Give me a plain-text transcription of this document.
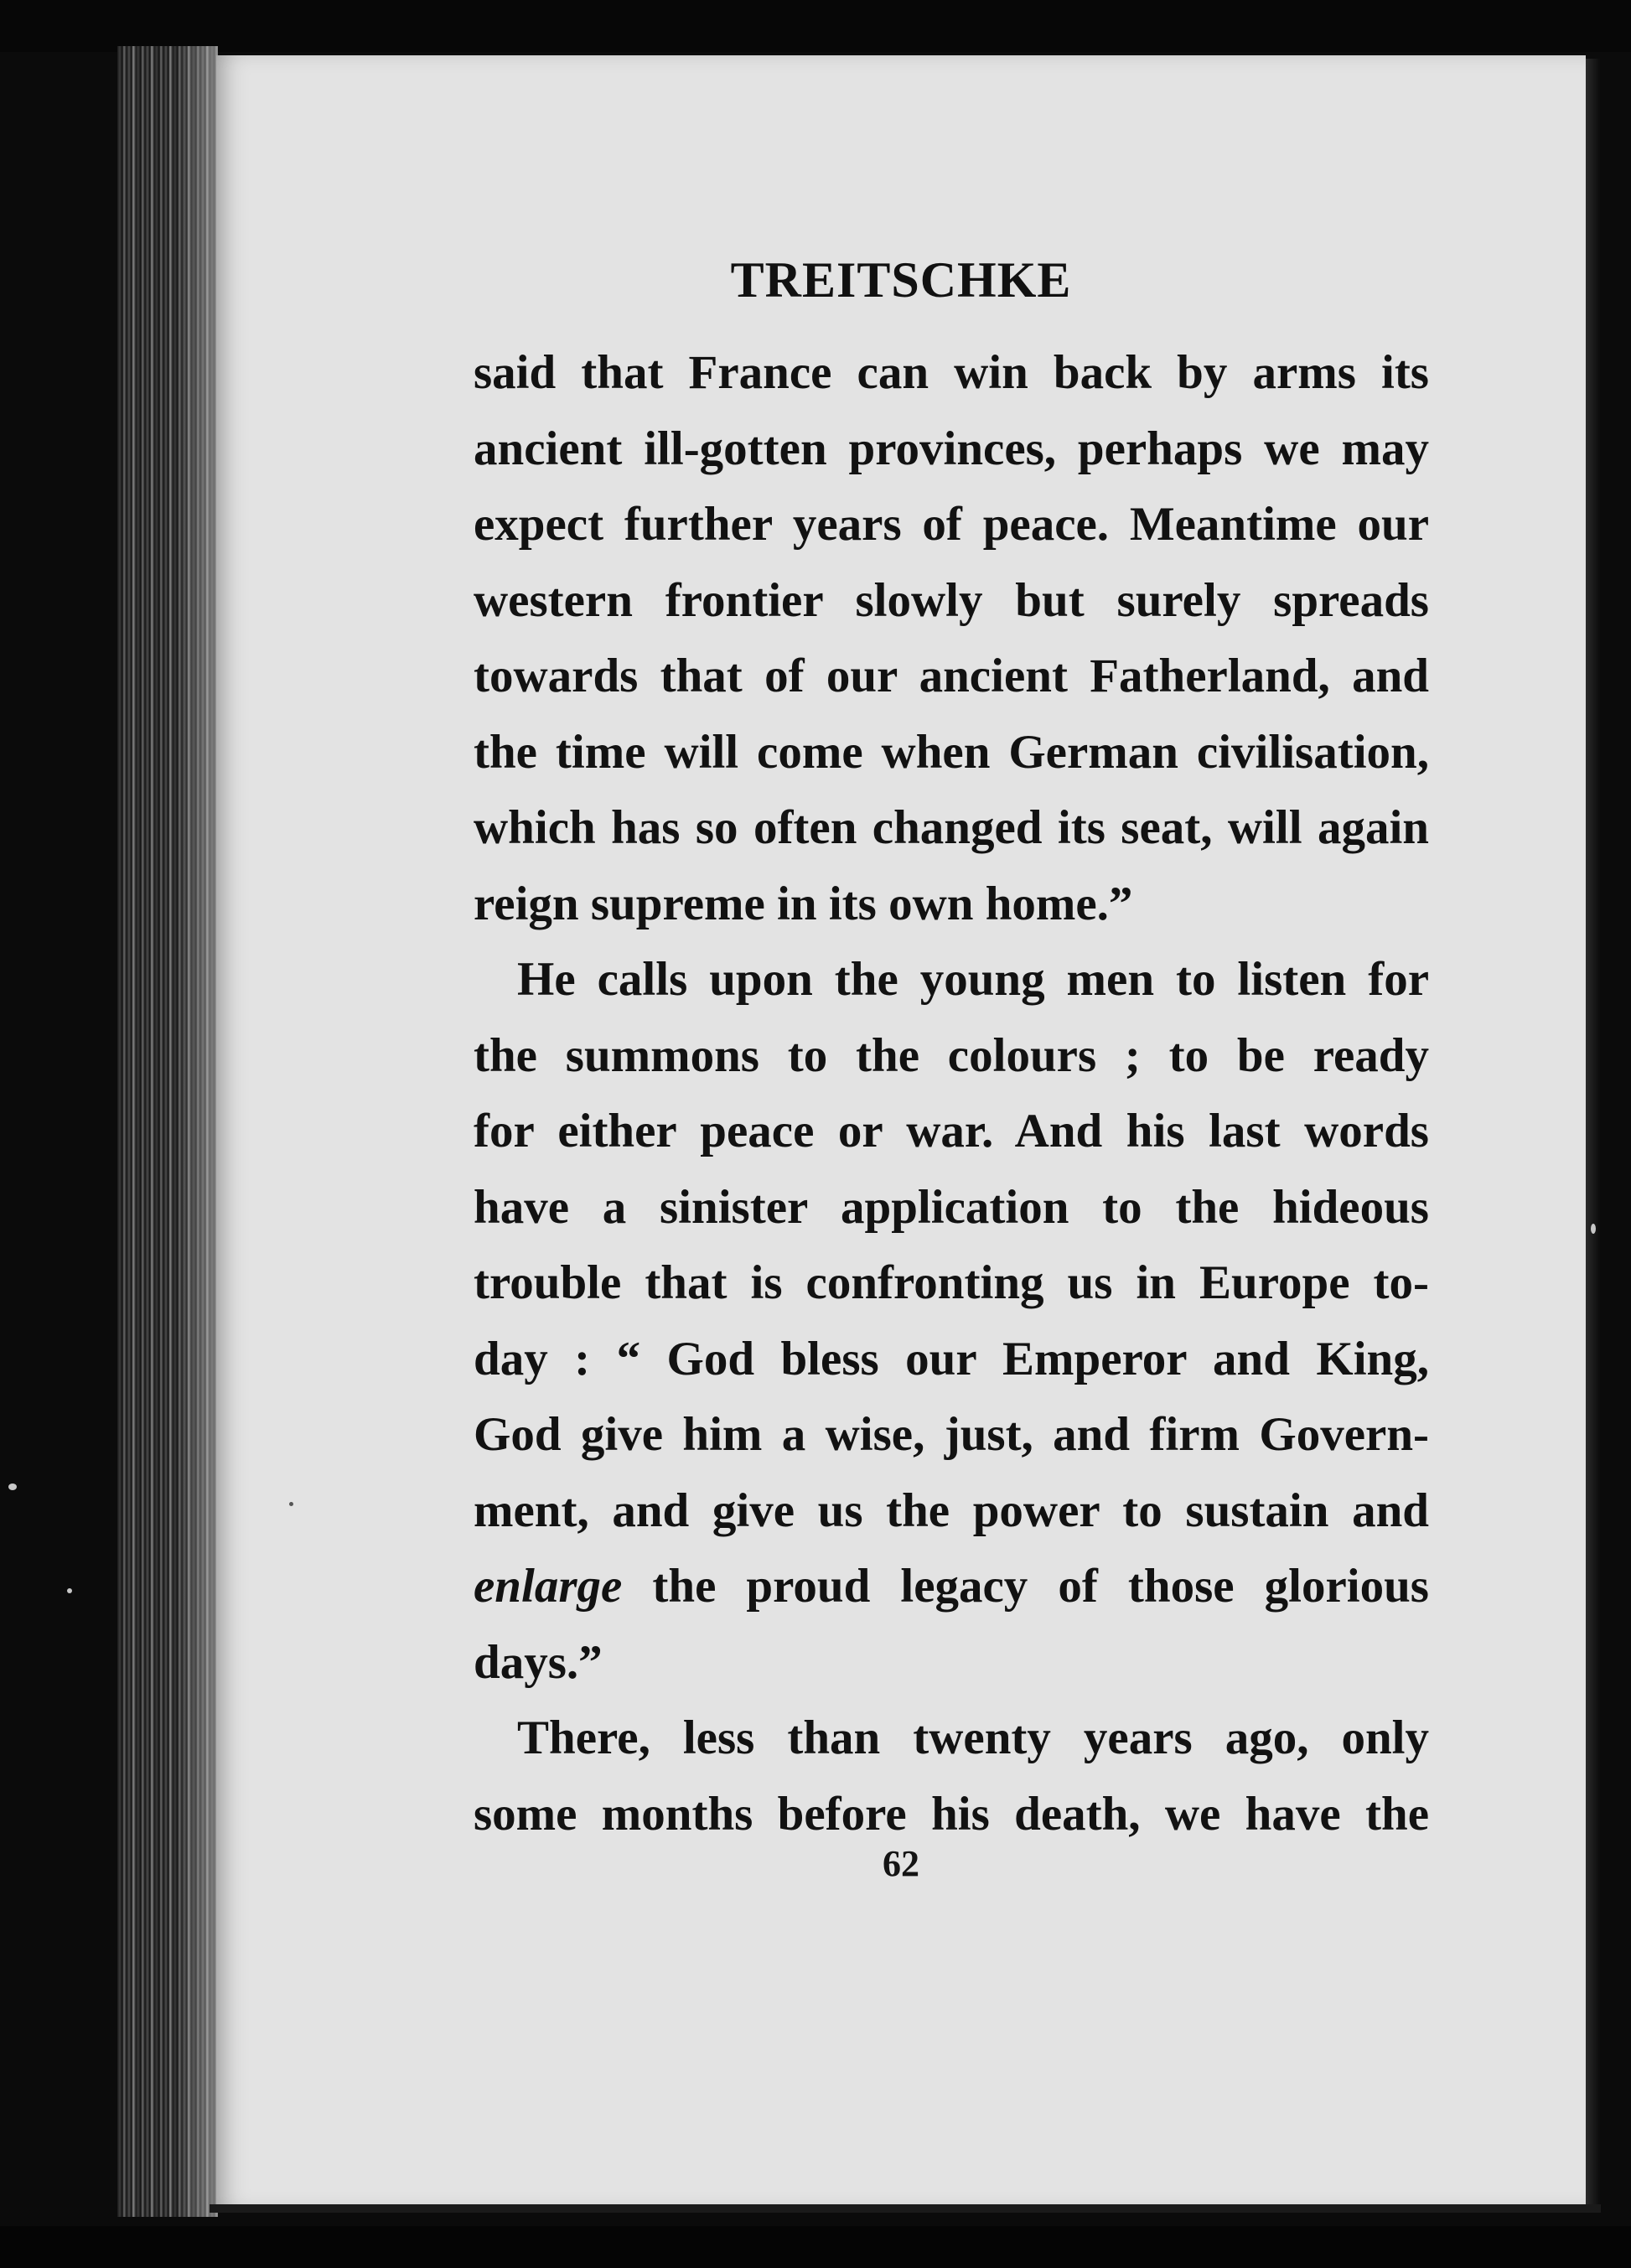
TREITSCHKE
said that France can win back by arms its
ancient ill-gotten provinces, perhaps we may
expect further years of peace. Meantime our
western frontier slowly but surely spreads
towards that of our ancient Fatherland, and
the time will come when German civilisation,
which has so often changed its seat, will again
reign supreme in its own home.”
He calls upon the young men to listen for
the summons to the colours ; to be ready
for either peace or war. And his last words
have a sinister application to the hideous
trouble that is confronting us in Europe to-
day : “ God bless our Emperor and King,
God give him a wise, just, and firm Govern-
ment, and give us the power to sustain and
enlarge the proud legacy of those glorious
days.”
There, less than twenty years ago, only
some months before his death, we have the
62
